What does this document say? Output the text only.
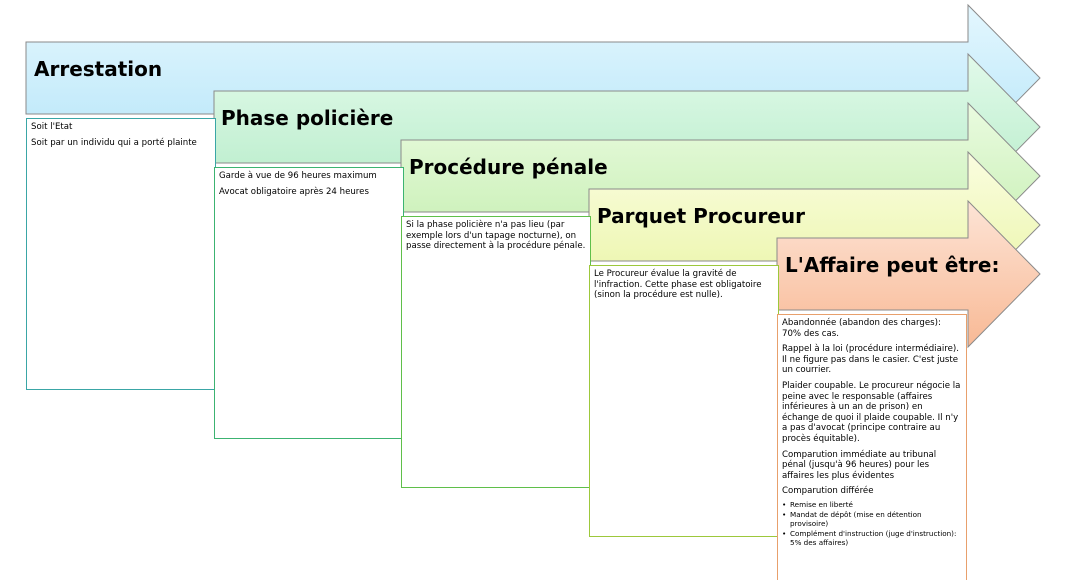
Arrestation
Phase policière
Procédure pénale
Parquet Procureur
L'Affaire peut être:

Soit l'Etat

Soit par un individu qui a porté plainte

Garde à vue de 96 heures maximum

Avocat obligatoire après 24 heures

Si la phase policière n'a pas lieu (par exemple lors d'un tapage nocturne), on passe directement à la procédure pénale.

Le Procureur évalue la gravité de l'infraction. Cette phase est obligatoire (sinon la procédure est nulle).

Abandonnée (abandon des charges): 70% des cas.

Rappel à la loi (procédure intermédiaire). Il ne figure pas dans le casier. C'est juste un courrier.

Plaider coupable. Le procureur négocie la peine avec le responsable (affaires inférieures à un an de prison) en échange de quoi il plaide coupable. Il n'y a pas d'avocat (principe contraire au procès équitable).

Comparution immédiate au tribunal pénal (jusqu'à 96 heures) pour les affaires les plus évidentes

Comparution différée

• Remise en liberté
• Mandat de dépôt (mise en détention provisoire)
• Complément d'instruction (juge d'instruction): 5% des affaires)
